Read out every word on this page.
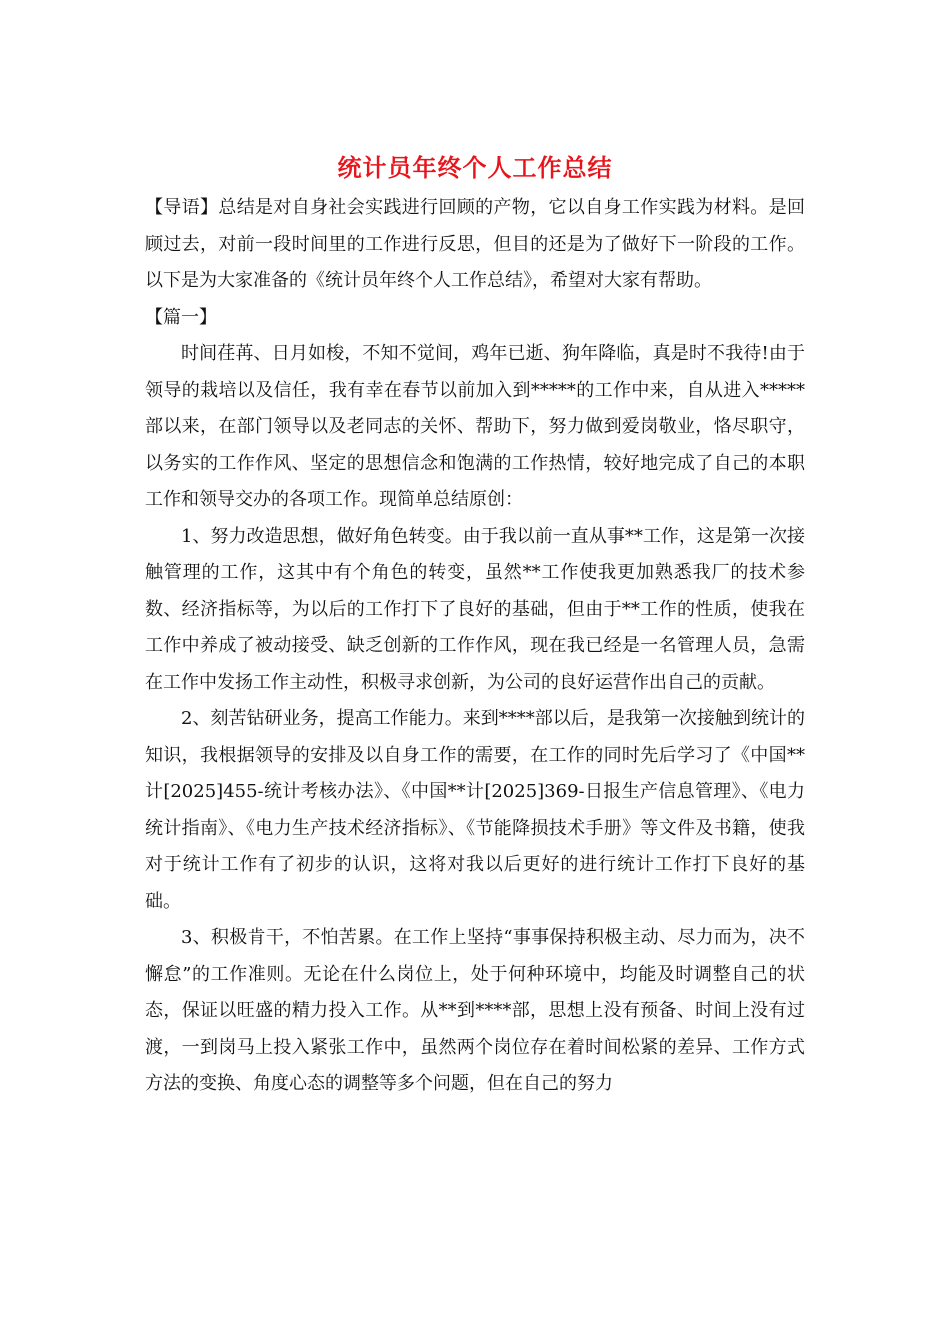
统计员年终个人工作总结

【导语】总结是对自身社会实践进行回顾的产物，它以自身工作实践为材料。是回顾过去，对前一段时间里的工作进行反思，但目的还是为了做好下一阶段的工作。以下是为大家准备的《统计员年终个人工作总结》，希望对大家有帮助。

【篇一】

时间荏苒、日月如梭，不知不觉间，鸡年已逝、狗年降临，真是时不我待!由于领导的栽培以及信任，我有幸在春节以前加入到*****的工作中来，自从进入*****部以来，在部门领导以及老同志的关怀、帮助下，努力做到爱岗敬业，恪尽职守，以务实的工作作风、坚定的思想信念和饱满的工作热情，较好地完成了自己的本职工作和领导交办的各项工作。现简单总结原创：

1、努力改造思想，做好角色转变。由于我以前一直从事**工作，这是第一次接触管理的工作，这其中有个角色的转变，虽然**工作使我更加熟悉我厂的技术参数、经济指标等，为以后的工作打下了良好的基础，但由于**工作的性质，使我在工作中养成了被动接受、缺乏创新的工作作风，现在我已经是一名管理人员，急需在工作中发扬工作主动性，积极寻求创新，为公司的良好运营作出自己的贡献。

2、刻苦钻研业务，提高工作能力。来到****部以后，是我第一次接触到统计的知识，我根据领导的安排及以自身工作的需要，在工作的同时先后学习了《中国**计[2025]455-统计考核办法》、《中国**计[2025]369-日报生产信息管理》、《电力统计指南》、《电力生产技术经济指标》、《节能降损技术手册》等文件及书籍，使我对于统计工作有了初步的认识，这将对我以后更好的进行统计工作打下良好的基础。

3、积极肯干，不怕苦累。在工作上坚持“事事保持积极主动、尽力而为，决不懈怠”的工作准则。无论在什么岗位上，处于何种环境中，均能及时调整自己的状态，保证以旺盛的精力投入工作。从**到****部，思想上没有预备、时间上没有过渡，一到岗马上投入紧张工作中，虽然两个岗位存在着时间松紧的差异、工作方式方法的变换、角度心态的调整等多个问题，但在自己的努力
